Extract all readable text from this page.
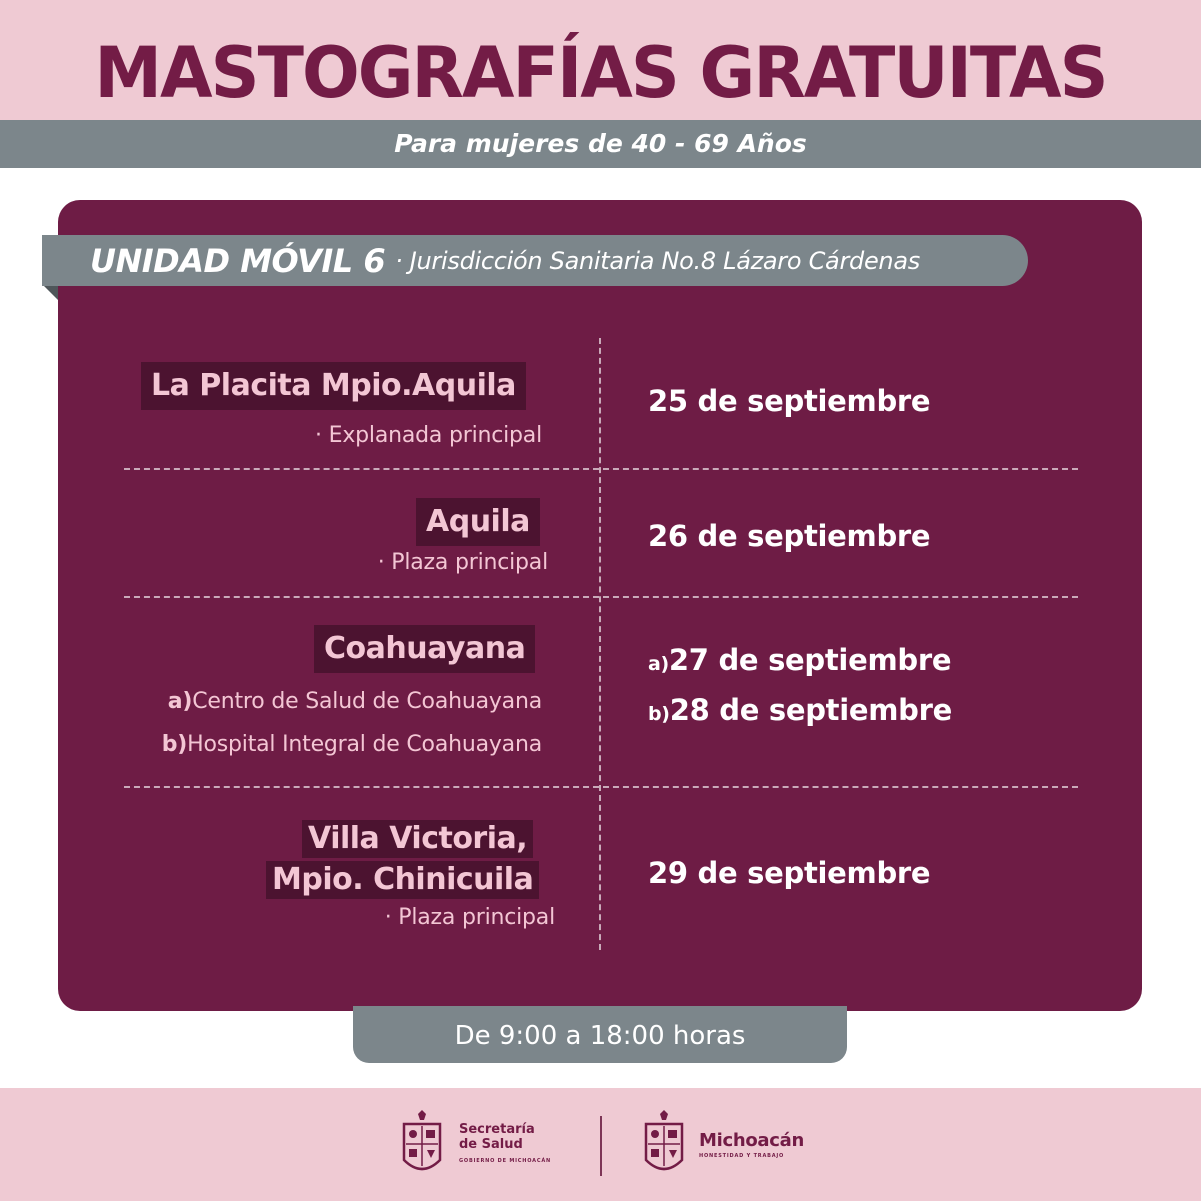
MASTOGRAFÍAS GRATUITAS
Para mujeres de 40 - 69 Años
UNIDAD MÓVIL 6 · Jurisdicción Sanitaria No.8 Lázaro Cárdenas
La Placita Mpio.Aquila
· Explanada principal
25 de septiembre
Aquila
· Plaza principal
26 de septiembre
Coahuayana
a)Centro de Salud de Coahuayana
b)Hospital Integral de Coahuayana
a)27 de septiembre
b)28 de septiembre
Villa Victoria,
Mpio. Chinicuila
· Plaza principal
29 de septiembre
De 9:00 a 18:00 horas
Secretaría
de Salud
GOBIERNO DE MICHOACÁN
Michoacán
HONESTIDAD Y TRABAJO
